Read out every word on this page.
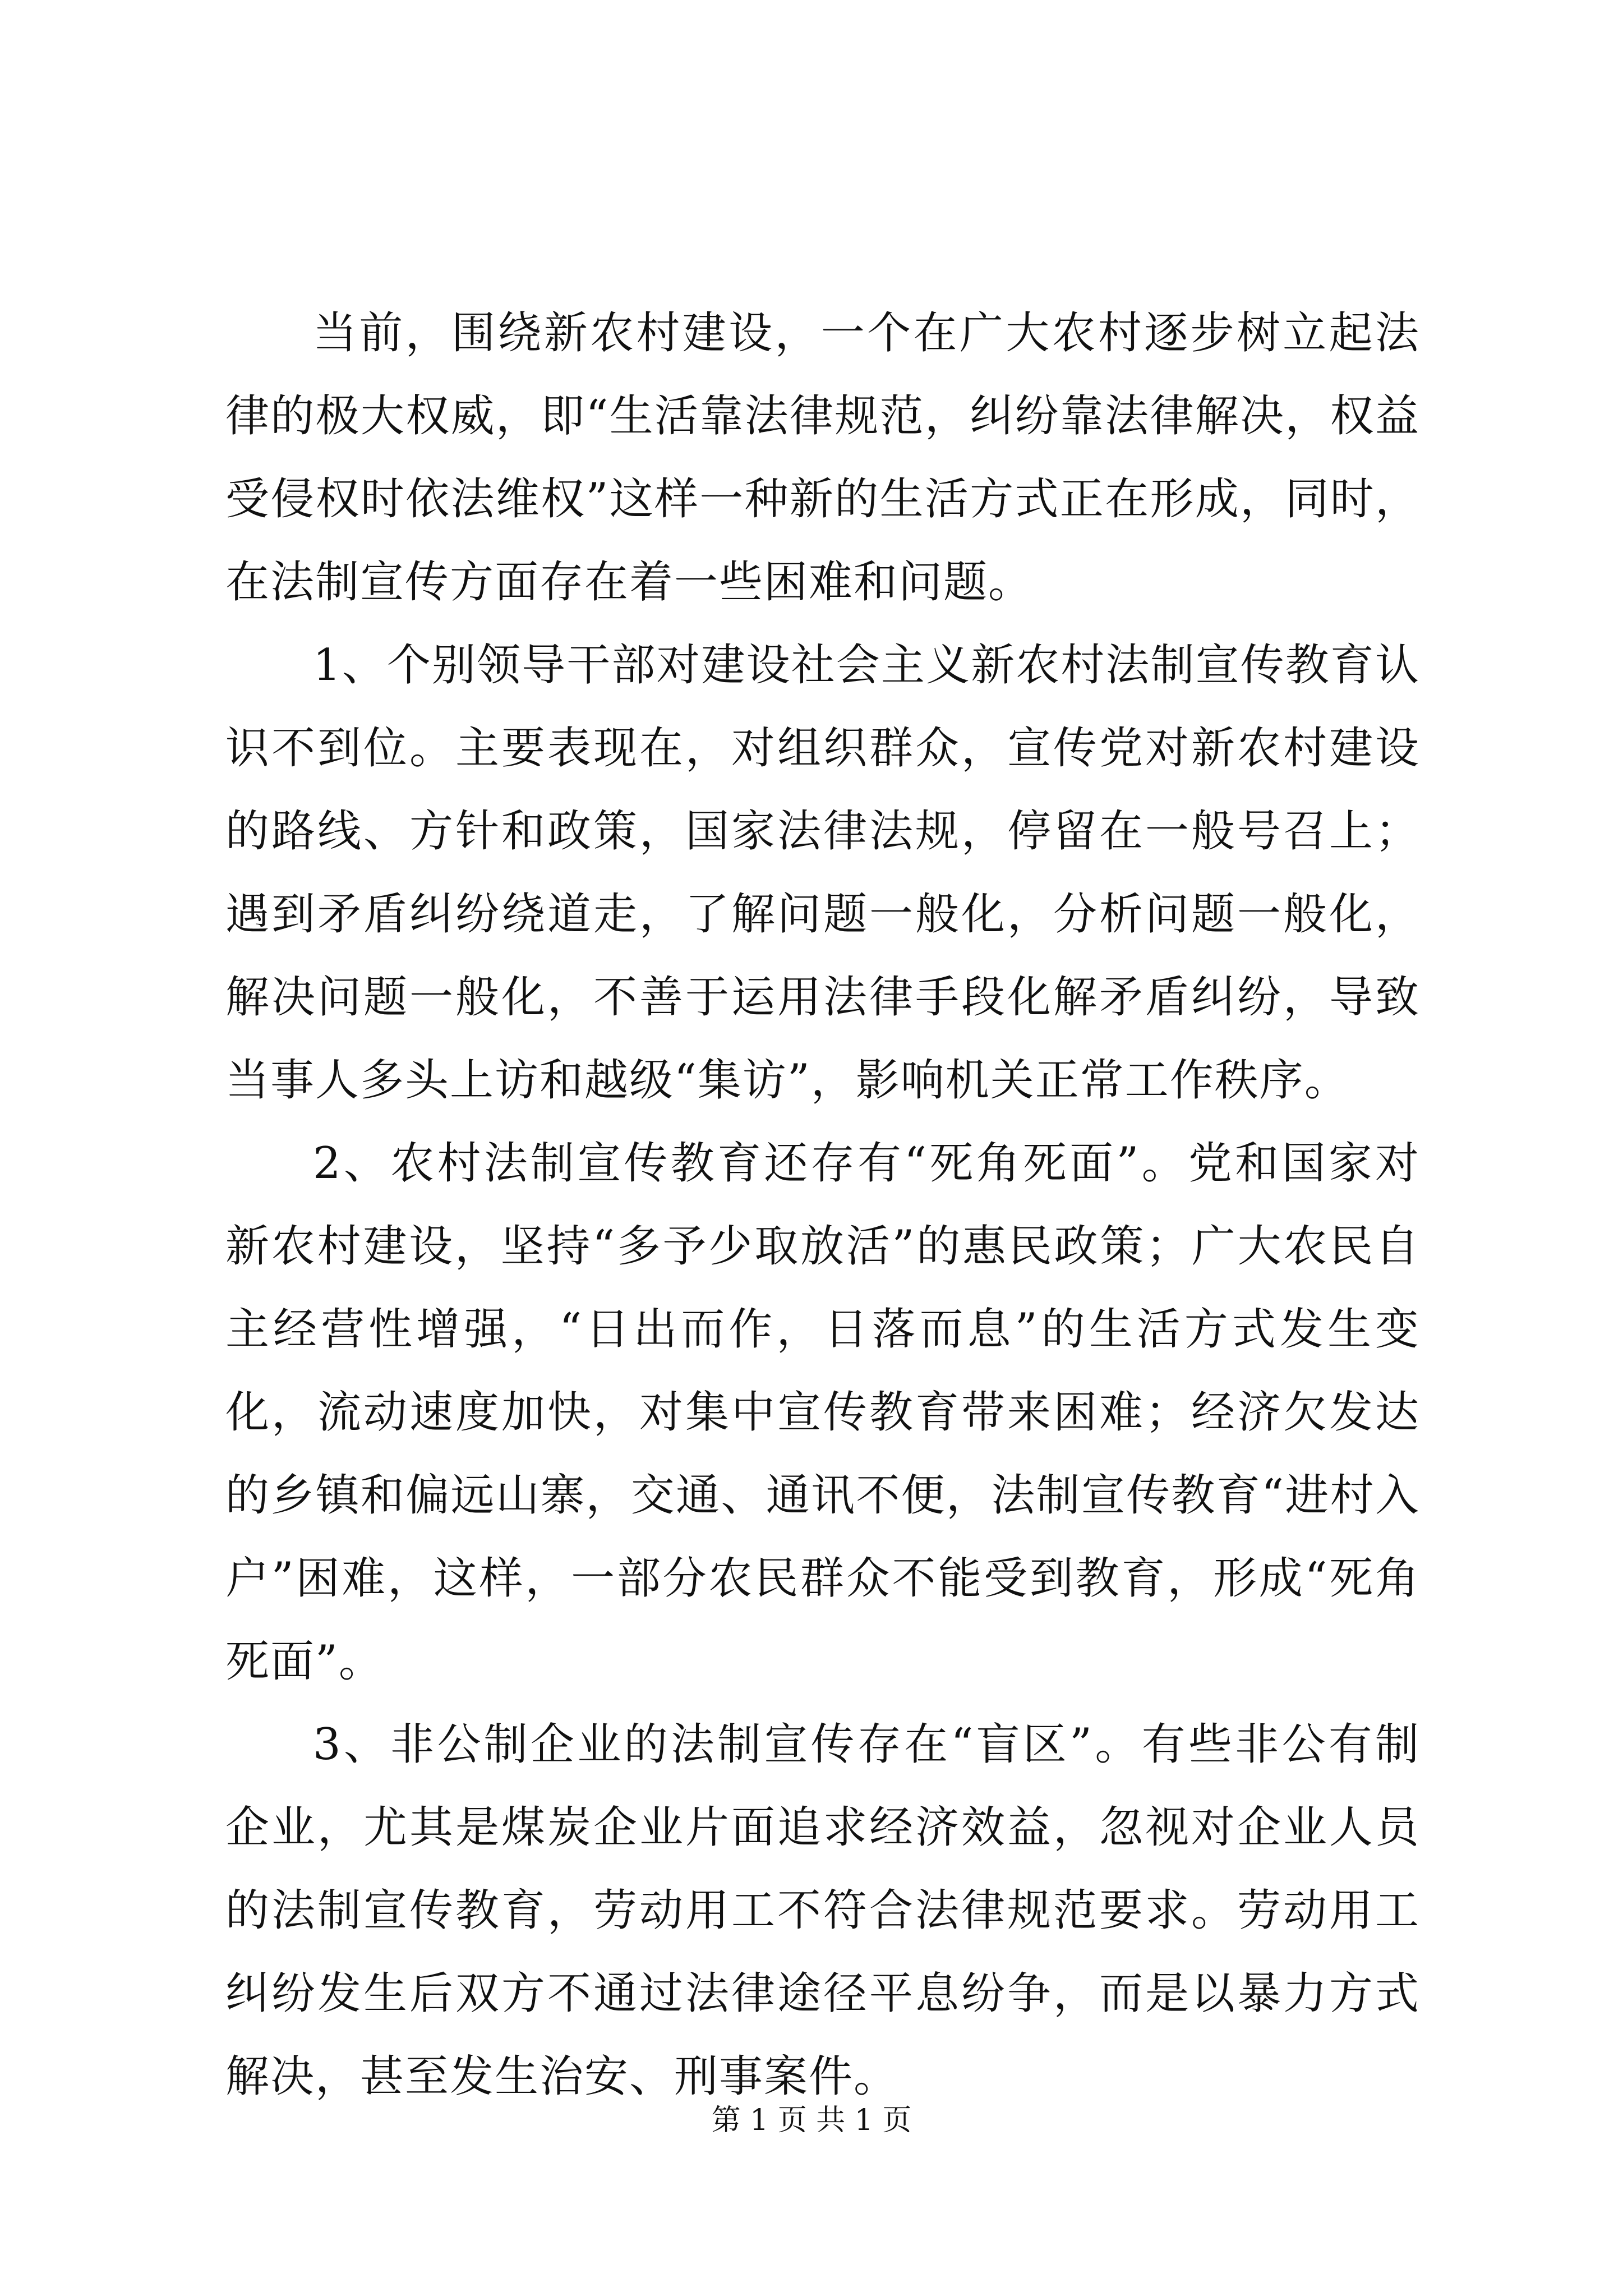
当前，围绕新农村建设，一个在广大农村逐步树立起法律的极大权威，即“生活靠法律规范，纠纷靠法律解决，权益受侵权时依法维权”这样一种新的生活方式正在形成，同时，在法制宣传方面存在着一些困难和问题。

1、个别领导干部对建设社会主义新农村法制宣传教育认识不到位。主要表现在，对组织群众，宣传党对新农村建设的路线、方针和政策，国家法律法规，停留在一般号召上；遇到矛盾纠纷绕道走，了解问题一般化，分析问题一般化，解决问题一般化，不善于运用法律手段化解矛盾纠纷，导致当事人多头上访和越级“集访”，影响机关正常工作秩序。

2、农村法制宣传教育还存有“死角死面”。党和国家对新农村建设，坚持“多予少取放活”的惠民政策；广大农民自主经营性增强，“日出而作，日落而息”的生活方式发生变化，流动速度加快，对集中宣传教育带来困难；经济欠发达的乡镇和偏远山寨，交通、通讯不便，法制宣传教育“进村入户”困难，这样，一部分农民群众不能受到教育，形成“死角死面”。

3、非公制企业的法制宣传存在“盲区”。有些非公有制企业，尤其是煤炭企业片面追求经济效益，忽视对企业人员的法制宣传教育，劳动用工不符合法律规范要求。劳动用工纠纷发生后双方不通过法律途径平息纷争，而是以暴力方式解决，甚至发生治安、刑事案件。

第 1 页 共 1 页
